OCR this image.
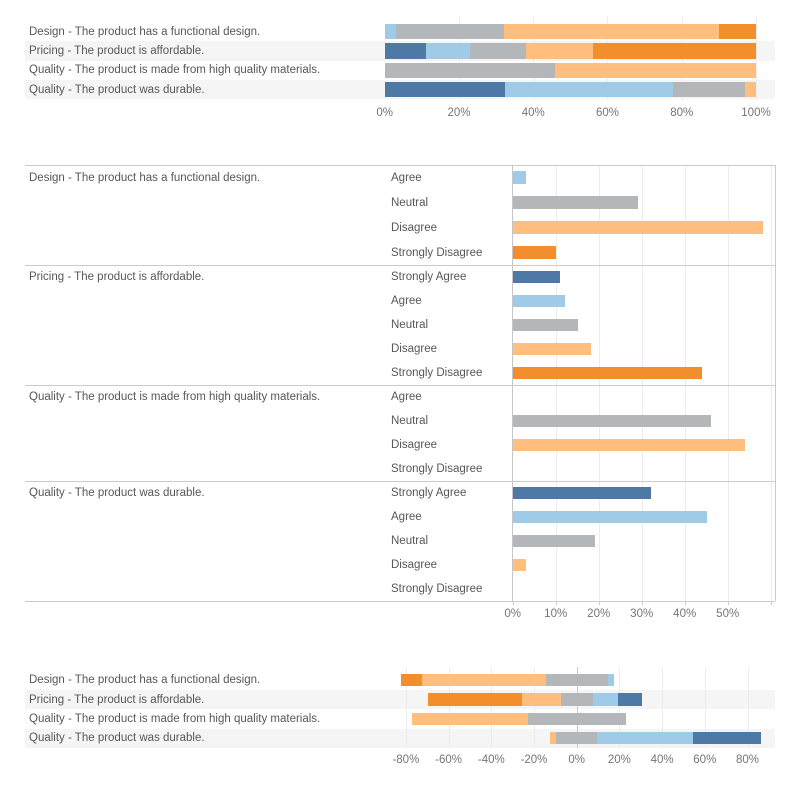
Design - The product has a functional design.
Pricing - The product is affordable.
Quality - The product is made from high quality materials.
Quality - The product was durable.
0%	20%	40%	60%	80%	100%
Design - The product has a functional design.	Agree
Neutral
Disagree
Strongly Disagree
Pricing - The product is affordable.	Strongly Agree
Agree
Neutral
Disagree
Strongly Disagree
Quality - The product is made from high quality materials.	Agree
Neutral
Disagree
Strongly Disagree
Quality - The product was durable.	Strongly Agree
Agree
Neutral
Disagree
Strongly Disagree
0%	10%	20%	30%	40%	50%
Design - The product has a functional design.
Pricing - The product is affordable.
Quality - The product is made from high quality materials.
Quality - The product was durable.
-80%	-60%	-40%	-20%	0%	20%	40%	60%	80%
